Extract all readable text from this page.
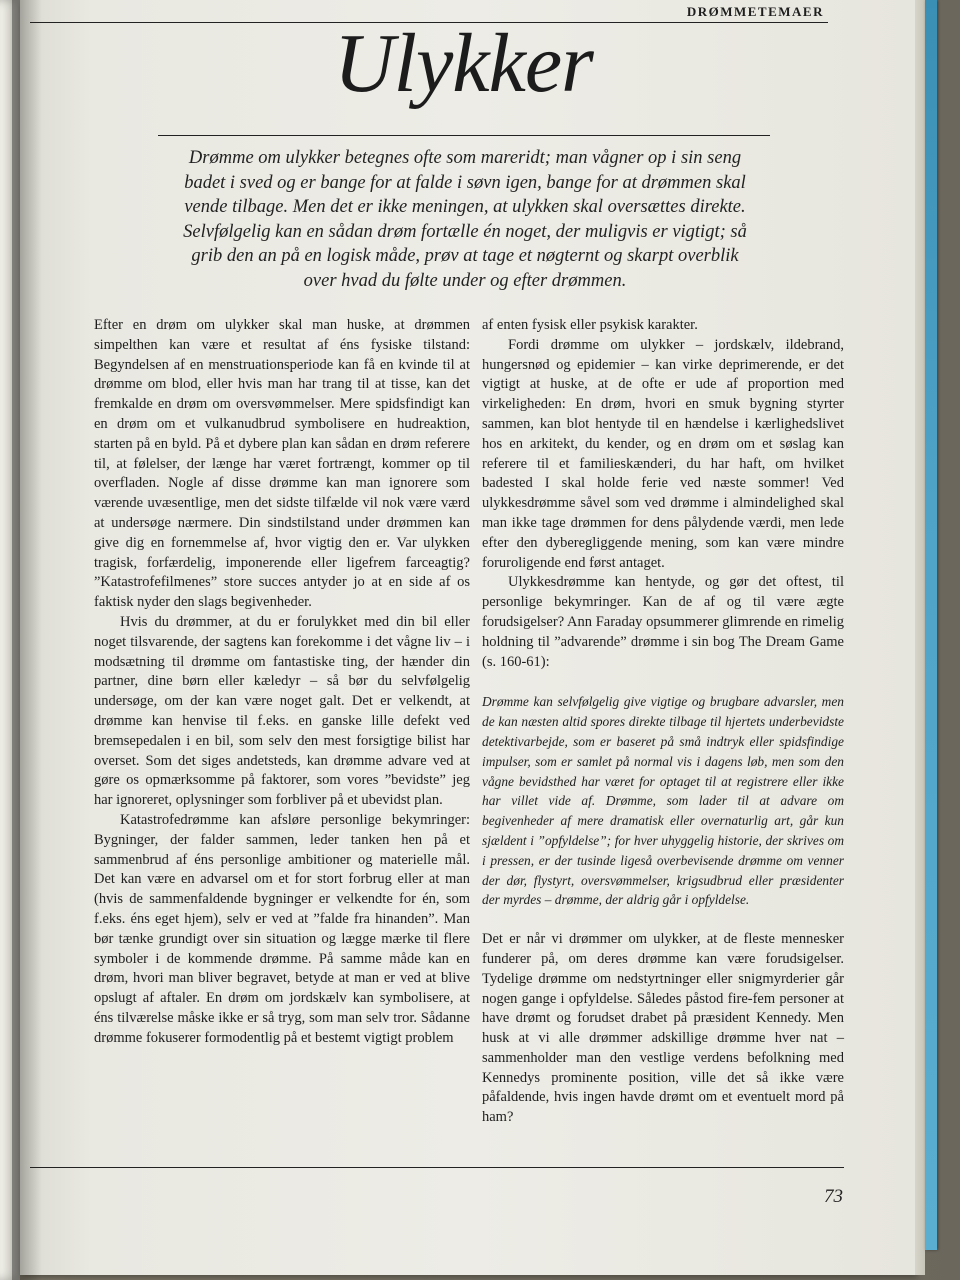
DRØMMETEMAER
Ulykker
Drømme om ulykker betegnes ofte som mareridt; man vågner op i sin seng
badet i sved og er bange for at falde i søvn igen, bange for at drømmen skal
vende tilbage. Men det er ikke meningen, at ulykken skal oversættes direkte.
Selvfølgelig kan en sådan drøm fortælle én noget, der muligvis er vigtigt; så
grib den an på en logisk måde, prøv at tage et nøgternt og skarpt overblik
over hvad du følte under og efter drømmen.

Efter en drøm om ulykker skal man huske, at drømmen simpelthen kan være et resultat af éns fysiske tilstand: Begyndelsen af en menstruationsperiode kan få en kvinde til at drømme om blod, eller hvis man har trang til at tisse, kan det fremkalde en drøm om oversvømmelser. Mere spidsfindigt kan en drøm om et vulkanudbrud symbolisere en hudreaktion, starten på en byld. På et dybere plan kan sådan en drøm referere til, at følelser, der længe har været fortrængt, kommer op til overfladen. Nogle af disse drømme kan man ignorere som værende uvæsentlige, men det sidste tilfælde vil nok være værd at undersøge nærmere. Din sindstilstand under drømmen kan give dig en fornemmelse af, hvor vigtig den er. Var ulykken tragisk, forfærdelig, imponerende eller ligefrem farceagtig? ”Katastrofefilmenes” store succes antyder jo at en side af os faktisk nyder den slags begivenheder.

Hvis du drømmer, at du er forulykket med din bil eller noget tilsvarende, der sagtens kan forekomme i det vågne liv – i modsætning til drømme om fantastiske ting, der hænder din partner, dine børn eller kæledyr – så bør du selvfølgelig undersøge, om der kan være noget galt. Det er velkendt, at drømme kan henvise til f.eks. en ganske lille defekt ved bremsepedalen i en bil, som selv den mest forsigtige bilist har overset. Som det siges andetsteds, kan drømme advare ved at gøre os opmærksomme på faktorer, som vores ”bevidste” jeg har ignoreret, oplysninger som forbliver på et ubevidst plan.

Katastrofedrømme kan afsløre personlige bekymringer: Bygninger, der falder sammen, leder tanken hen på et sammenbrud af éns personlige ambitioner og materielle mål. Det kan være en advarsel om et for stort forbrug eller at man (hvis de sammenfaldende bygninger er velkendte for én, som f.eks. éns eget hjem), selv er ved at ”falde fra hinanden”. Man bør tænke grundigt over sin situation og lægge mærke til flere symboler i de kommende drømme. På samme måde kan en drøm, hvori man bliver begravet, betyde at man er ved at blive opslugt af aftaler. En drøm om jordskælv kan symbolisere, at éns tilværelse måske ikke er så tryg, som man selv tror. Sådanne drømme fokuserer formodentlig på et bestemt vigtigt problem

af enten fysisk eller psykisk karakter.

Fordi drømme om ulykker – jordskælv, ildebrand, hungersnød og epidemier – kan virke deprimerende, er det vigtigt at huske, at de ofte er ude af proportion med virkeligheden: En drøm, hvori en smuk bygning styrter sammen, kan blot hentyde til en hændelse i kærlighedslivet hos en arkitekt, du kender, og en drøm om et søslag kan referere til et familieskænderi, du har haft, om hvilket badested I skal holde ferie ved næste sommer! Ved ulykkesdrømme såvel som ved drømme i almindelighed skal man ikke tage drømmen for dens pålydende værdi, men lede efter den dyberegliggende mening, som kan være mindre foruroligende end først antaget.

Ulykkesdrømme kan hentyde, og gør det oftest, til personlige bekymringer. Kan de af og til være ægte forudsigelser? Ann Faraday opsummerer glimrende en rimelig holdning til ”advarende” drømme i sin bog The Dream Game (s. 160-61):

Drømme kan selvfølgelig give vigtige og brugbare advarsler, men de kan næsten altid spores direkte tilbage til hjertets underbevidste detektivarbejde, som er baseret på små indtryk eller spidsfindige impulser, som er samlet på normal vis i dagens løb, men som den vågne bevidsthed har været for optaget til at registrere eller ikke har villet vide af. Drømme, som lader til at advare om begivenheder af mere dramatisk eller overnaturlig art, går kun sjældent i ”opfyldelse”; for hver uhyggelig historie, der skrives om i pressen, er der tusinde ligeså overbevisende drømme om venner der dør, flystyrt, oversvømmelser, krigsudbrud eller præsidenter der myrdes – drømme, der aldrig går i opfyldelse.

Det er når vi drømmer om ulykker, at de fleste mennesker funderer på, om deres drømme kan være forudsigelser. Tydelige drømme om nedstyrtninger eller snigmyrderier går nogen gange i opfyldelse. Således påstod fire-fem personer at have drømt og forudset drabet på præsident Kennedy. Men husk at vi alle drømmer adskillige drømme hver nat – sammenholder man den vestlige verdens befolkning med Kennedys prominente position, ville det så ikke være påfaldende, hvis ingen havde drømt om et eventuelt mord på ham?

73
